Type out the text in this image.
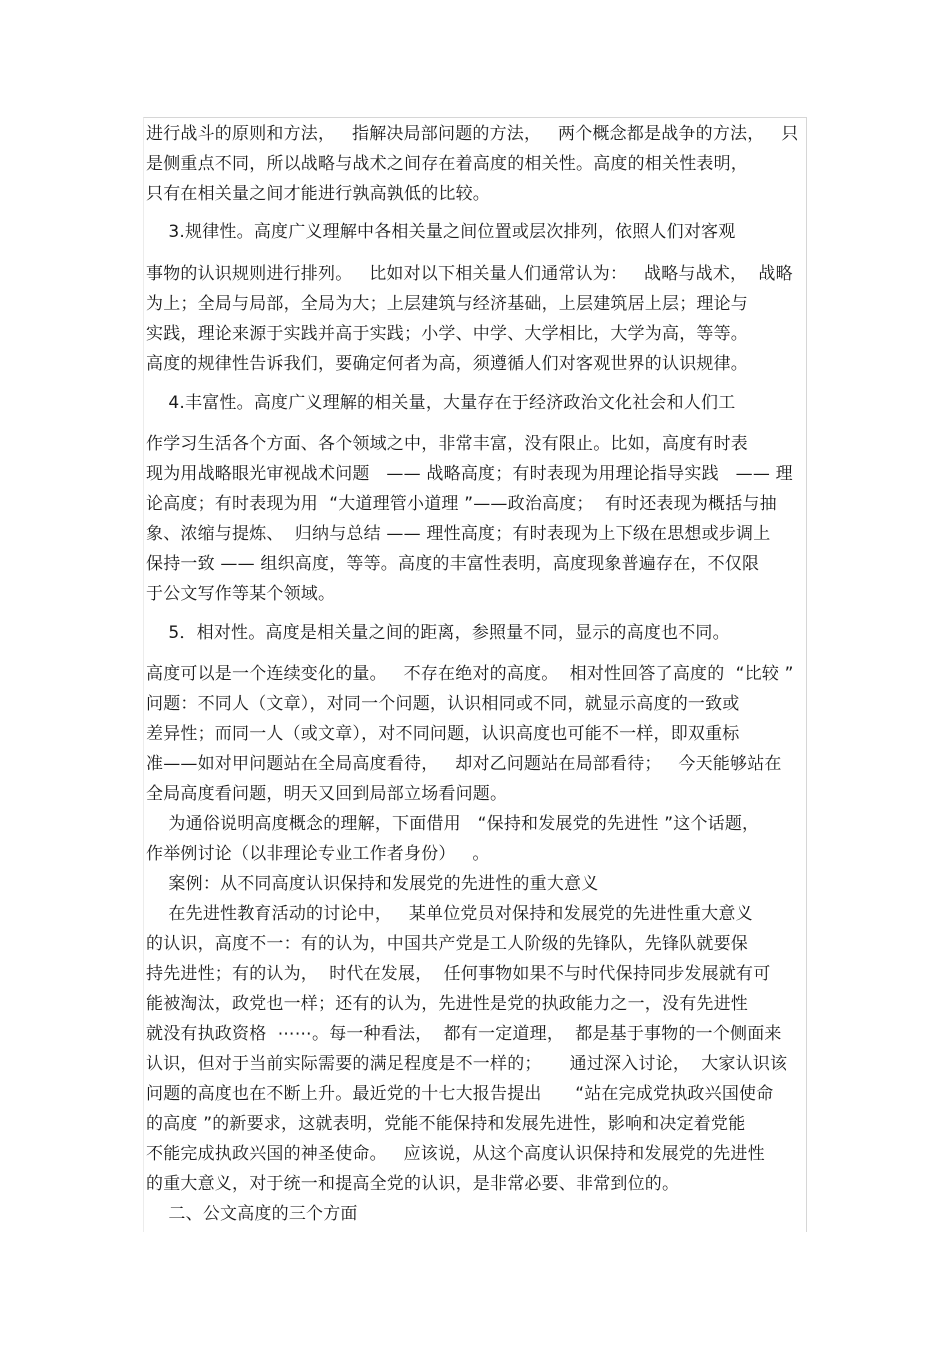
进行战斗的原则和方法，   指解决局部问题的方法，   两个概念都是战争的方法，   只
是侧重点不同，所以战略与战术之间存在着高度的相关性。高度的相关性表明，
只有在相关量之间才能进行孰高孰低的比较。
3.规律性。高度广义理解中各相关量之间位置或层次排列，依照人们对客观
事物的认识规则进行排列。   比如对以下相关量人们通常认为：   战略与战术，  战略
为上；全局与局部，全局为大；上层建筑与经济基础，上层建筑居上层；理论与
实践，理论来源于实践并高于实践；小学、中学、大学相比，大学为高，等等。
高度的规律性告诉我们，要确定何者为高，须遵循人们对客观世界的认识规律。
4.丰富性。高度广义理解的相关量，大量存在于经济政治文化社会和人们工
作学习生活各个方面、各个领域之中，非常丰富，没有限止。比如，高度有时表
现为用战略眼光审视战术问题   —— 战略高度；有时表现为用理论指导实践   —— 理
论高度；有时表现为用  “大道理管小道理 ”——政治高度；  有时还表现为概括与抽
象、浓缩与提炼、  归纳与总结 —— 理性高度；有时表现为上下级在思想或步调上
保持一致 —— 组织高度，等等。高度的丰富性表明，高度现象普遍存在，不仅限
于公文写作等某个领域。
5．相对性。高度是相关量之间的距离，参照量不同，显示的高度也不同。
高度可以是一个连续变化的量。   不存在绝对的高度。  相对性回答了高度的  “比较 ”
问题：不同人（文章），对同一个问题，认识相同或不同，就显示高度的一致或
差异性；而同一人（或文章），对不同问题，认识高度也可能不一样，即双重标
准——如对甲问题站在全局高度看待，   却对乙问题站在局部看待；   今天能够站在
全局高度看问题，明天又回到局部立场看问题。
为通俗说明高度概念的理解，下面借用   “保持和发展党的先进性 ”这个话题，
作举例讨论（以非理论专业工作者身份）   。
案例：从不同高度认识保持和发展党的先进性的重大意义
在先进性教育活动的讨论中，   某单位党员对保持和发展党的先进性重大意义
的认识，高度不一：有的认为，中国共产党是工人阶级的先锋队，先锋队就要保
持先进性；有的认为，  时代在发展，  任何事物如果不与时代保持同步发展就有可
能被淘汰，政党也一样；还有的认为，先进性是党的执政能力之一，没有先进性
就没有执政资格  ⋯⋯。每一种看法，  都有一定道理，  都是基于事物的一个侧面来
认识，但对于当前实际需要的满足程度是不一样的；     通过深入讨论，  大家认识该
问题的高度也在不断上升。最近党的十七大报告提出      “站在完成党执政兴国使命
的高度 ”的新要求，这就表明，党能不能保持和发展先进性，影响和决定着党能
不能完成执政兴国的神圣使命。   应该说，从这个高度认识保持和发展党的先进性
的重大意义，对于统一和提高全党的认识，是非常必要、非常到位的。
二、公文高度的三个方面
